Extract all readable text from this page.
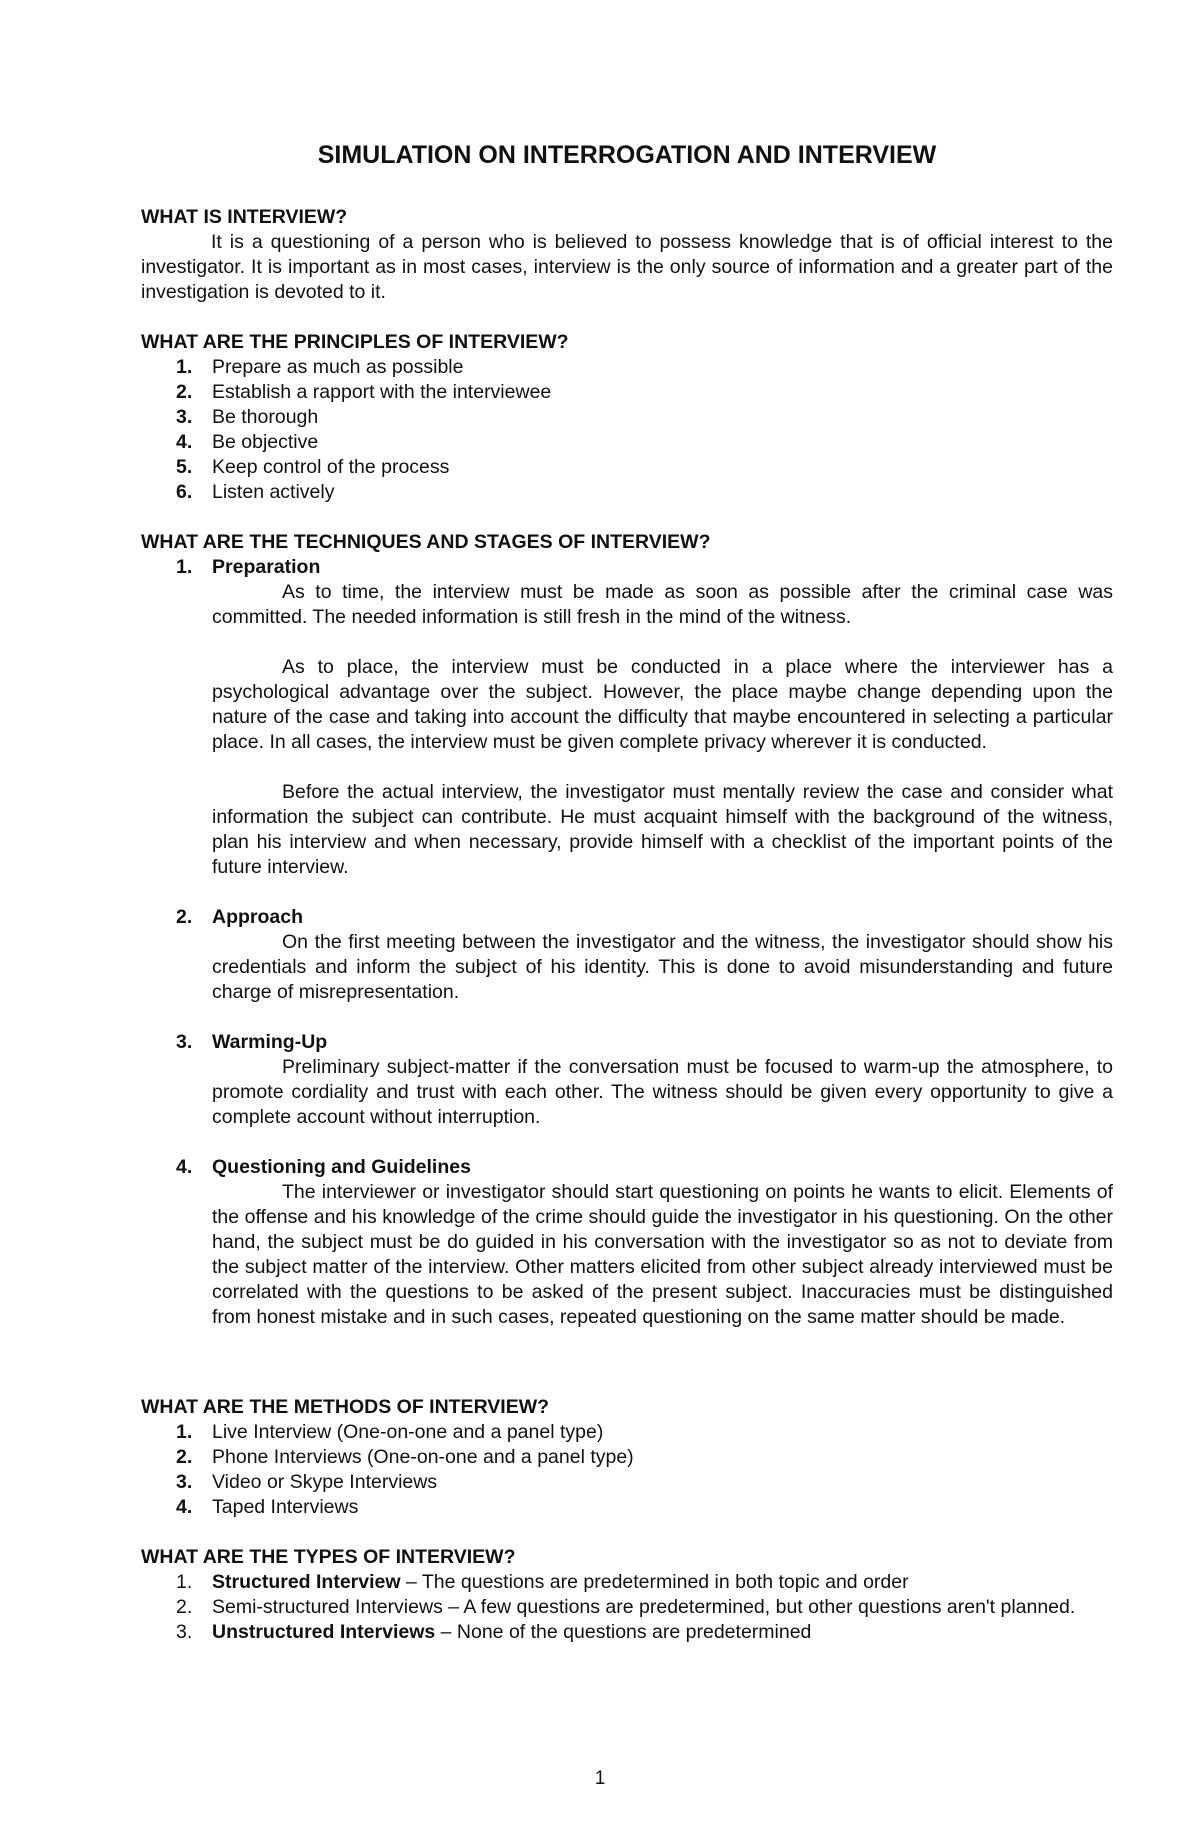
SIMULATION ON INTERROGATION AND INTERVIEW

WHAT IS INTERVIEW?

It is a questioning of a person who is believed to possess knowledge that is of official interest to the investigator. It is important as in most cases, interview is the only source of information and a greater part of the investigation is devoted to it.

WHAT ARE THE PRINCIPLES OF INTERVIEW?

1. Prepare as much as possible
2. Establish a rapport with the interviewee
3. Be thorough
4. Be objective
5. Keep control of the process
6. Listen actively

WHAT ARE THE TECHNIQUES AND STAGES OF INTERVIEW?

1. Preparation

As to time, the interview must be made as soon as possible after the criminal case was committed. The needed information is still fresh in the mind of the witness.

As to place, the interview must be conducted in a place where the interviewer has a psychological advantage over the subject. However, the place maybe change depending upon the nature of the case and taking into account the difficulty that maybe encountered in selecting a particular place. In all cases, the interview must be given complete privacy wherever it is conducted.

Before the actual interview, the investigator must mentally review the case and consider what information the subject can contribute. He must acquaint himself with the background of the witness, plan his interview and when necessary, provide himself with a checklist of the important points of the future interview.

2. Approach

On the first meeting between the investigator and the witness, the investigator should show his credentials and inform the subject of his identity. This is done to avoid misunderstanding and future charge of misrepresentation.

3. Warming-Up

Preliminary subject-matter if the conversation must be focused to warm-up the atmosphere, to promote cordiality and trust with each other. The witness should be given every opportunity to give a complete account without interruption.

4. Questioning and Guidelines

The interviewer or investigator should start questioning on points he wants to elicit. Elements of the offense and his knowledge of the crime should guide the investigator in his questioning. On the other hand, the subject must be do guided in his conversation with the investigator so as not to deviate from the subject matter of the interview. Other matters elicited from other subject already interviewed must be correlated with the questions to be asked of the present subject. Inaccuracies must be distinguished from honest mistake and in such cases, repeated questioning on the same matter should be made.

WHAT ARE THE METHODS OF INTERVIEW?

1. Live Interview (One-on-one and a panel type)
2. Phone Interviews (One-on-one and a panel type)
3. Video or Skype Interviews
4. Taped Interviews

WHAT ARE THE TYPES OF INTERVIEW?

1. Structured Interview – The questions are predetermined in both topic and order
2. Semi-structured Interviews – A few questions are predetermined, but other questions aren't planned.
3. Unstructured Interviews – None of the questions are predetermined
1
